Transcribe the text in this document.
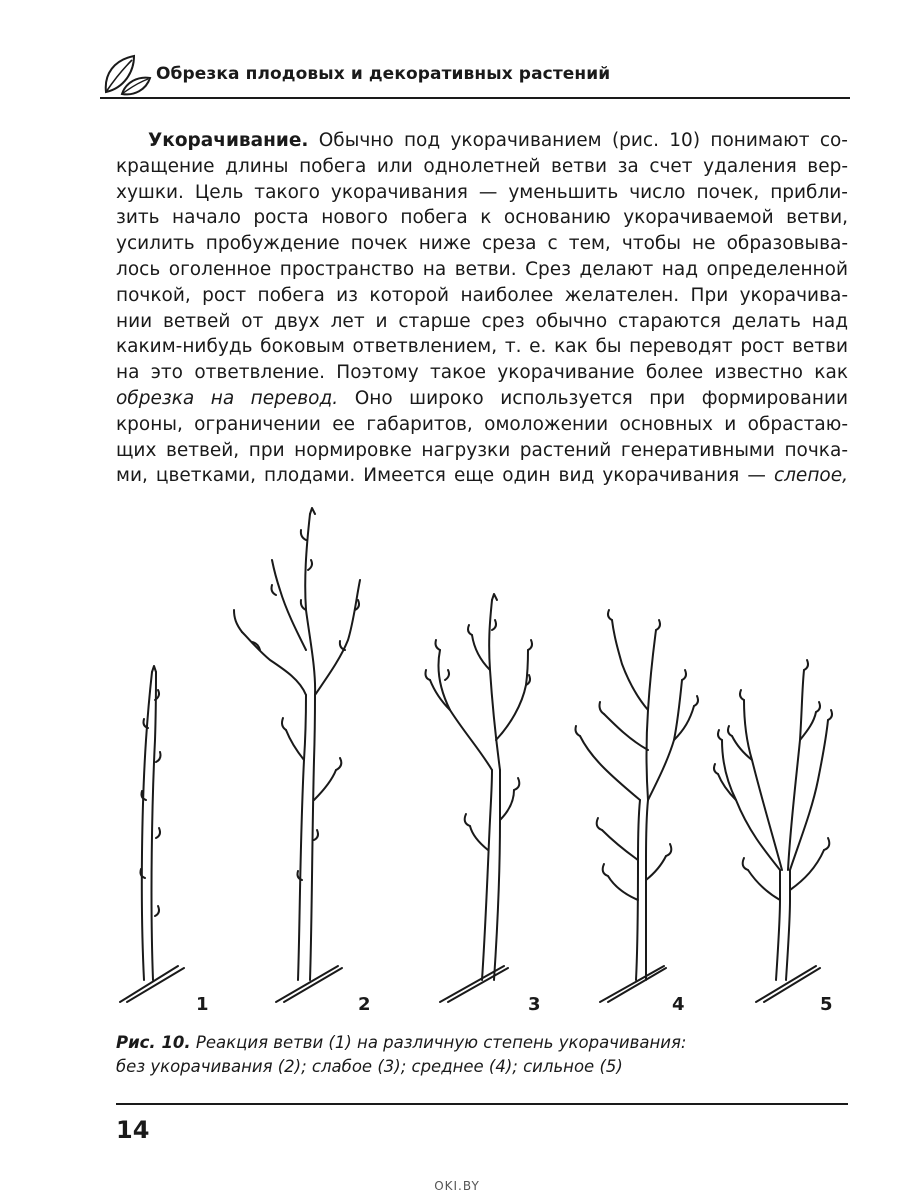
Обрезка плодовых и декоративных растений
Укорачивание. Обычно под укорачиванием (рис. 10) понимают со-
кращение длины побега или однолетней ветви за счет удаления вер-
хушки. Цель такого укорачивания — уменьшить число почек, прибли-
зить начало роста нового побега к основанию укорачиваемой ветви,
усилить пробуждение почек ниже среза с тем, чтобы не образовыва-
лось оголенное пространство на ветви. Срез делают над определенной
почкой, рост побега из которой наиболее желателен. При укорачива-
нии ветвей от двух лет и старше срез обычно стараются делать над
каким-нибудь боковым ответвлением, т. е. как бы переводят рост ветви
на это ответвление. Поэтому такое укорачивание более известно как
обрезка на перевод. Оно широко используется при формировании
кроны, ограничении ее габаритов, омоложении основных и обрастаю-
щих ветвей, при нормировке нагрузки растений генеративными почка-
ми, цветками, плодами. Имеется еще один вид укорачивания — слепое,
1	2	3	4	5
Рис. 10. Реакция ветви (1) на различную степень укорачивания:
без укорачивания (2); слабое (3); среднее (4); сильное (5)
14
OKI.BY
